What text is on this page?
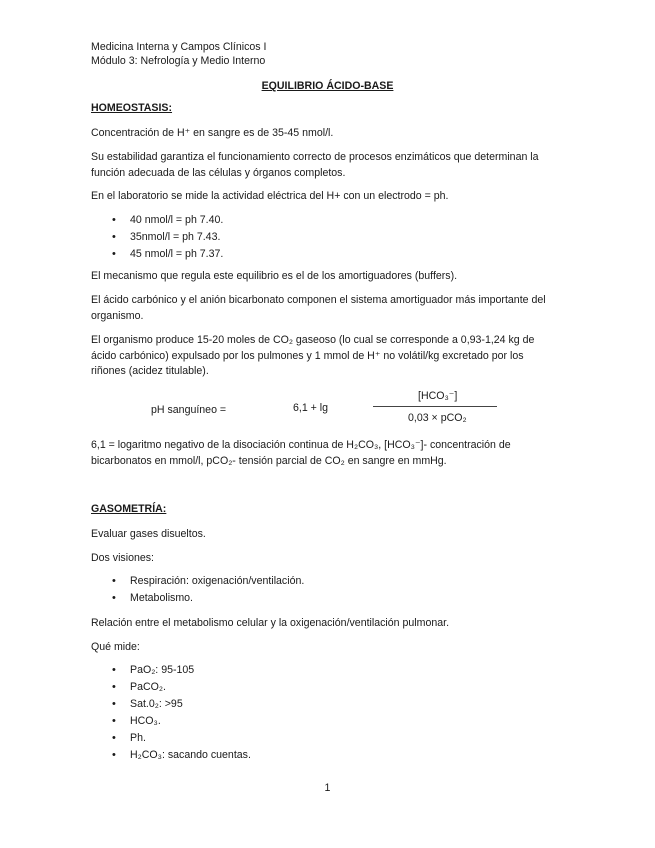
Medicina Interna y Campos Clínicos I
Módulo 3: Nefrología y Medio Interno
EQUILIBRIO ÁCIDO-BASE
HOMEOSTASIS:
Concentración de H⁺ en sangre es de 35-45 nmol/l.
Su estabilidad garantiza el funcionamiento correcto de procesos enzimáticos que determinan la función adecuada de las células y órganos completos.
En el laboratorio se mide la actividad eléctrica del H+ con un electrodo = ph.
• 40 nmol/l = ph 7.40.
• 35nmol/l = ph 7.43.
• 45 nmol/l = ph 7.37.
El mecanismo que regula este equilibrio es el de los amortiguadores (buffers).
El ácido carbónico y el anión bicarbonato componen el sistema amortiguador más importante del organismo.
El organismo produce 15-20 moles de CO₂ gaseoso (lo cual se corresponde a 0,93-1,24 kg de ácido carbónico) expulsado por los pulmones y 1 mmol de H⁺ no volátil/kg excretado por los riñones (acidez titulable).
pH sanguíneo =	6,1 + lg
[HCO₃⁻]
0,03 × pCO₂
6,1 = logaritmo negativo de la disociación continua de H₂CO₃, [HCO₃⁻]- concentración de bicarbonatos en mmol/l, pCO₂- tensión parcial de CO₂ en sangre en mmHg.
GASOMETRÍA:
Evaluar gases disueltos.
Dos visiones:
• Respiración: oxigenación/ventilación.
• Metabolismo.
Relación entre el metabolismo celular y la oxigenación/ventilación pulmonar.
Qué mide:
• PaO₂: 95-105
• PaCO₂.
• Sat.0₂: >95
• HCO₃.
• Ph.
• H₂CO₃: sacando cuentas.
1
